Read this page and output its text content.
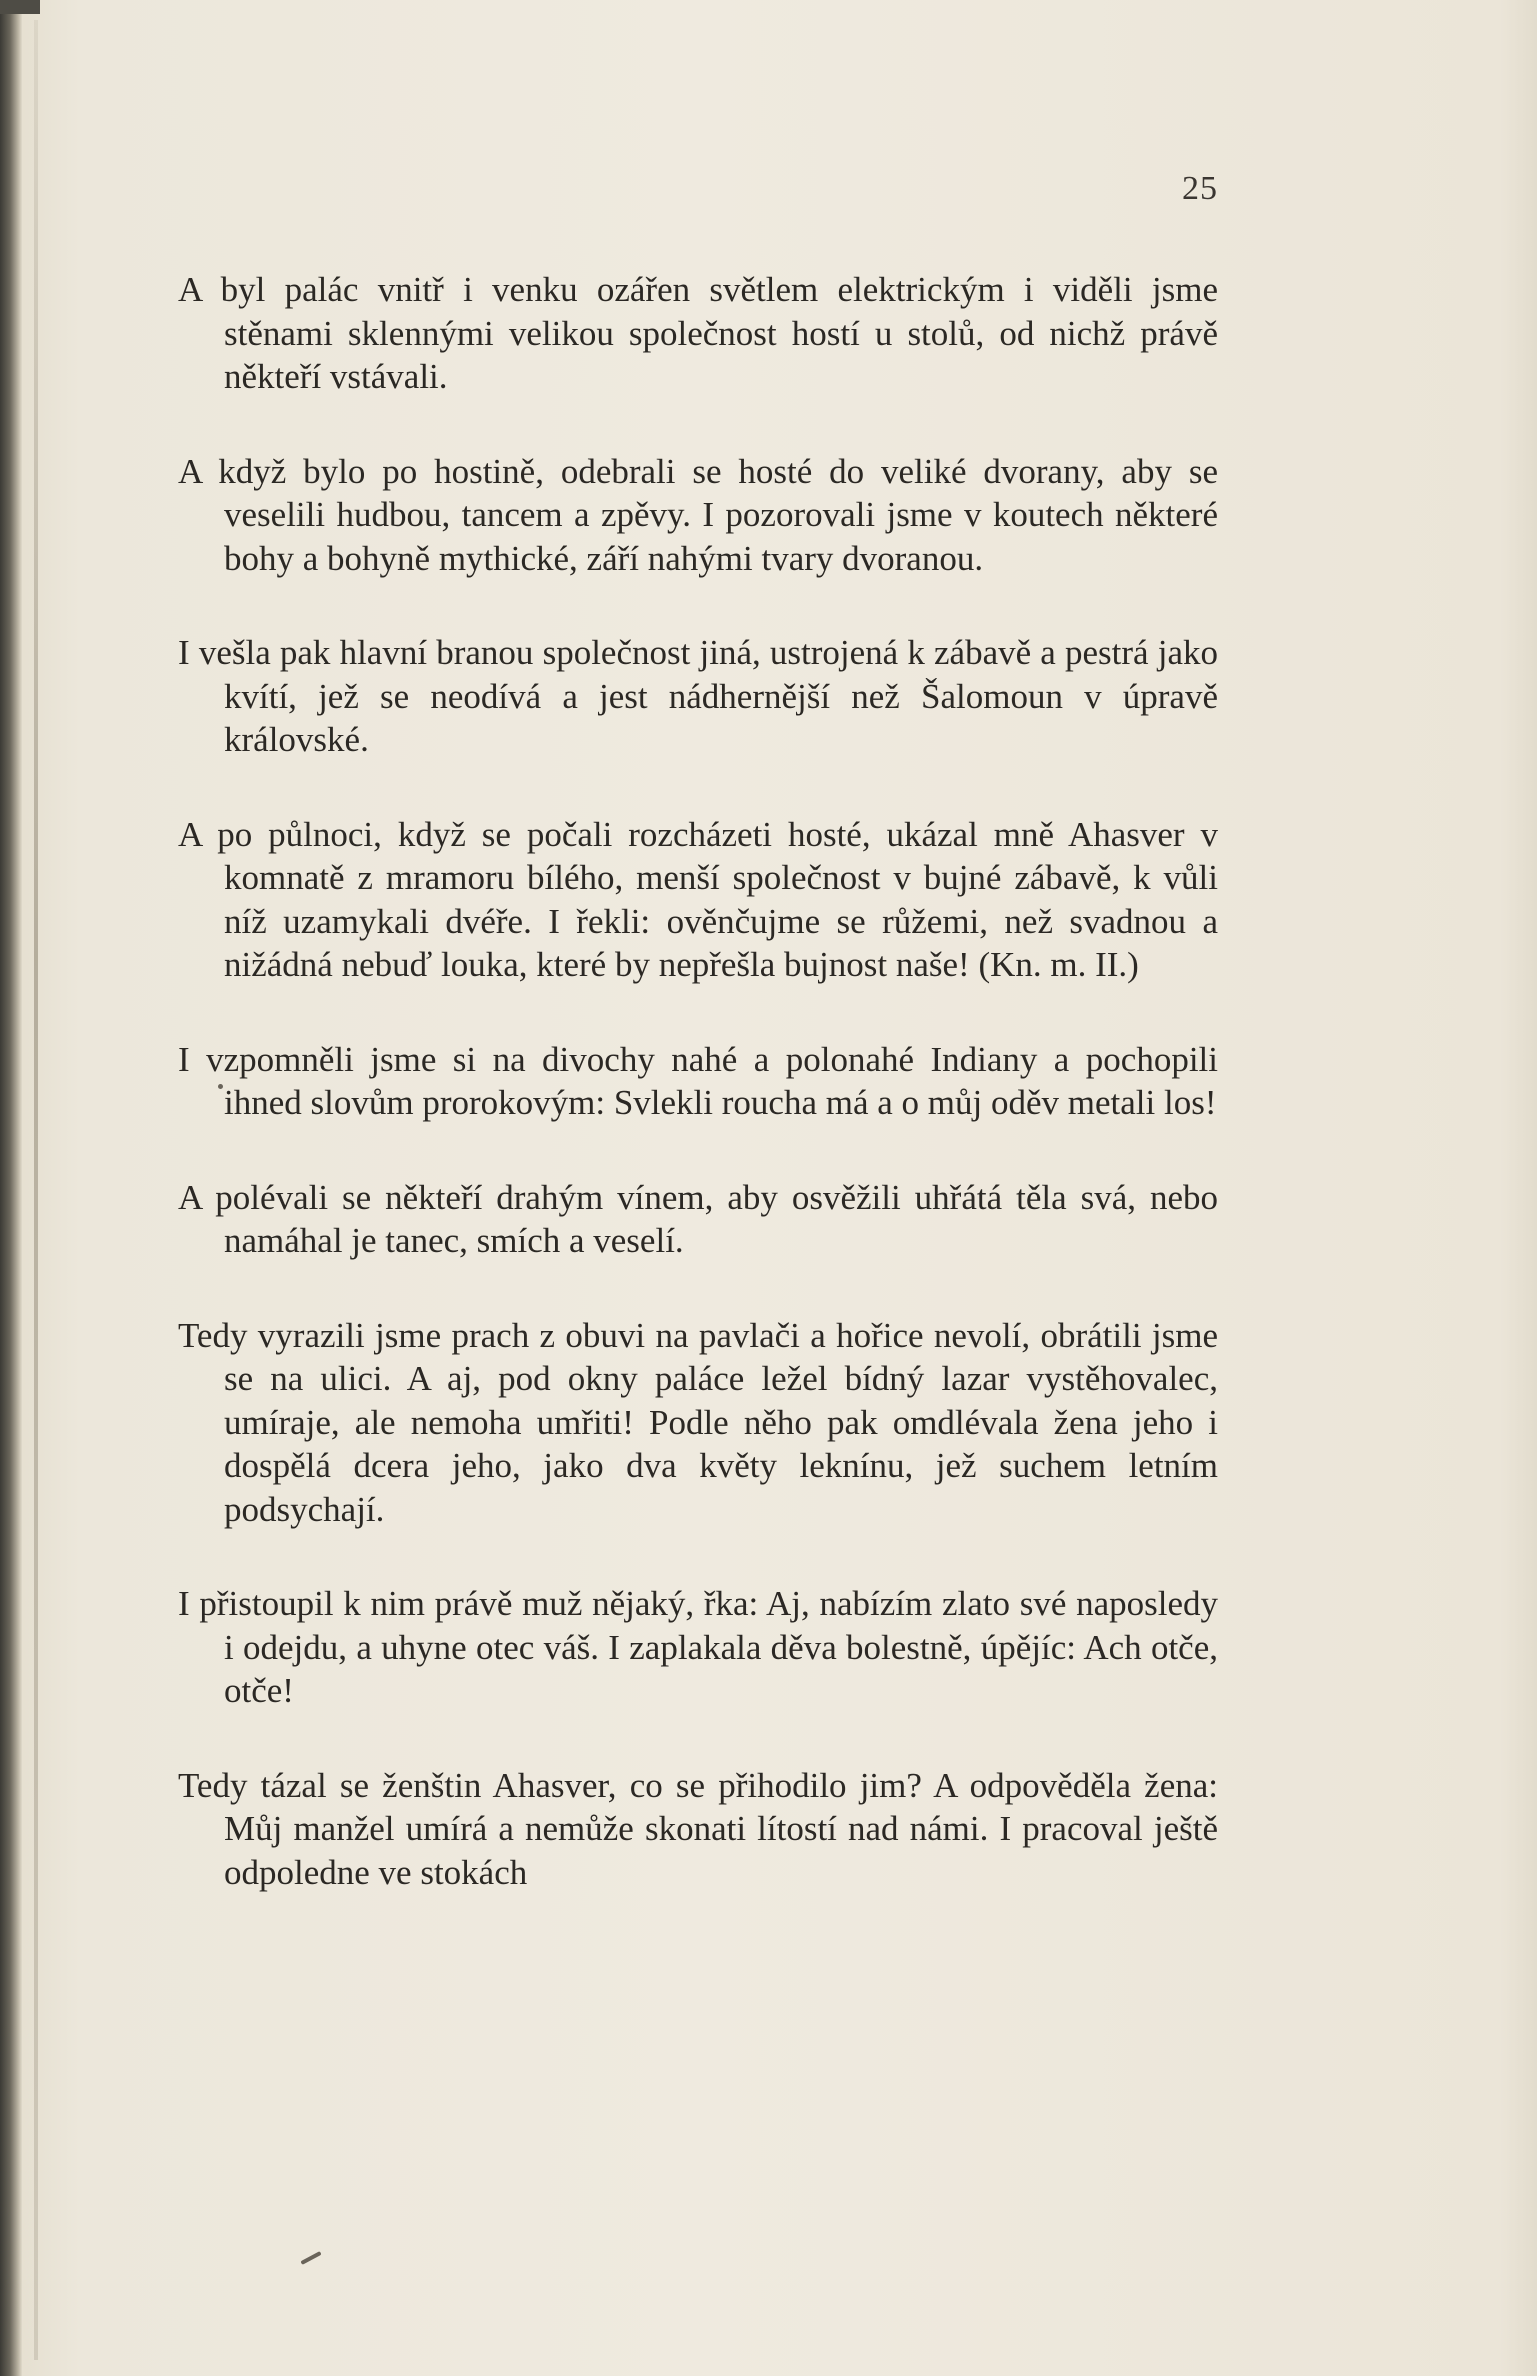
25

A byl palác vnitř i venku ozářen světlem elektrickým i viděli jsme stěnami sklennými velikou společnost hostí u stolů, od nichž právě někteří vstávali.

A když bylo po hostině, odebrali se hosté do veliké dvorany, aby se veselili hudbou, tancem a zpěvy. I pozorovali jsme v koutech některé bohy a bohyně mythické, září nahými tvary dvoranou.

I vešla pak hlavní branou společnost jiná, ustrojená k zábavě a pestrá jako kvítí, jež se neodívá a jest nádhernější než Šalomoun v úpravě královské.

A po půlnoci, když se počali rozcházeti hosté, ukázal mně Ahasver v komnatě z mramoru bílého, menší společnost v bujné zábavě, k vůli níž uzamykali dvéře. I řekli: ověnčujme se růžemi, než svadnou a nižádná nebuď louka, které by nepřešla bujnost naše! (Kn. m. II.)

I vzpomněli jsme si na divochy nahé a polonahé Indiany a pochopili ihned slovům prorokovým: Svlekli roucha má a o můj oděv metali los!

A polévali se někteří drahým vínem, aby osvěžili uhřátá těla svá, nebo namáhal je tanec, smích a veselí.

Tedy vyrazili jsme prach z obuvi na pavlači a hořice nevolí, obrátili jsme se na ulici. A aj, pod okny paláce ležel bídný lazar vystěhovalec, umíraje, ale nemoha umřiti! Podle něho pak omdlévala žena jeho i dospělá dcera jeho, jako dva květy leknínu, jež suchem letním podsychají.

I přistoupil k nim právě muž nějaký, řka: Aj, nabízím zlato své naposledy i odejdu, a uhyne otec váš. I zaplakala děva bolestně, úpějíc: Ach otče, otče!

Tedy tázal se ženštin Ahasver, co se přihodilo jim? A odpověděla žena: Můj manžel umírá a nemůže skonati lítostí nad námi. I pracoval ještě odpoledne ve stokách
